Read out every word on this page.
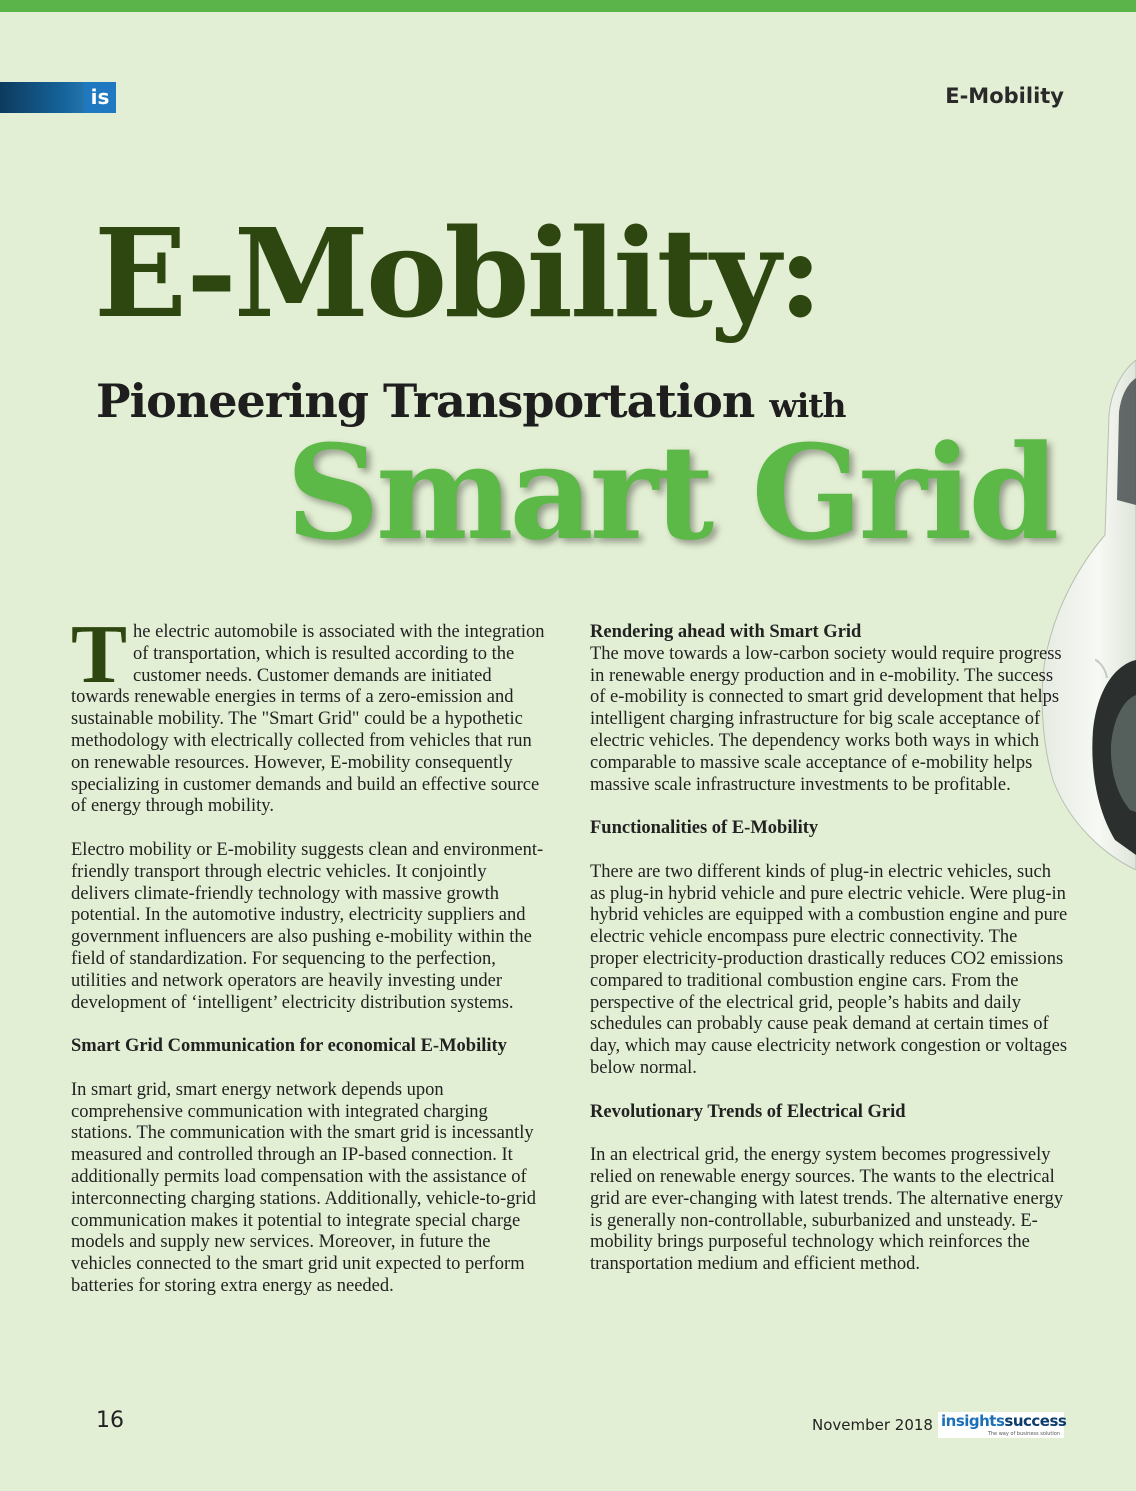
is	E-Mobility
E-Mobility:
Pioneering Transportation with
Smart Grid

The electric automobile is associated with the integration of transportation, which is resulted according to the customer needs. Customer demands are initiated towards renewable energies in terms of a zero-emission and sustainable mobility. The "Smart Grid" could be a hypothetic methodology with electrically collected from vehicles that run on renewable resources. However, E-mobility consequently specializing in customer demands and build an effective source of energy through mobility.

Electro mobility or E-mobility suggests clean and environment-friendly transport through electric vehicles. It conjointly delivers climate-friendly technology with massive growth potential. In the automotive industry, electricity suppliers and government influencers are also pushing e-mobility within the field of standardization. For sequencing to the perfection, utilities and network operators are heavily investing under development of ‘intelligent’ electricity distribution systems.

Smart Grid Communication for economical E-Mobility

In smart grid, smart energy network depends upon comprehensive communication with integrated charging stations. The communication with the smart grid is incessantly measured and controlled through an IP-based connection. It additionally permits load compensation with the assistance of interconnecting charging stations. Additionally, vehicle-to-grid communication makes it potential to integrate special charge models and supply new services. Moreover, in future the vehicles connected to the smart grid unit expected to perform batteries for storing extra energy as needed.

Rendering ahead with Smart Grid

The move towards a low-carbon society would require progress in renewable energy production and in e-mobility. The success of e-mobility is connected to smart grid development that helps intelligent charging infrastructure for big scale acceptance of electric vehicles. The dependency works both ways in which comparable to massive scale acceptance of e-mobility helps massive scale infrastructure investments to be profitable.

Functionalities of E-Mobility

There are two different kinds of plug-in electric vehicles, such as plug-in hybrid vehicle and pure electric vehicle. Were plug-in hybrid vehicles are equipped with a combustion engine and pure electric vehicle encompass pure electric connectivity. The proper electricity-production drastically reduces CO2 emissions compared to traditional combustion engine cars. From the perspective of the electrical grid, people’s habits and daily schedules can probably cause peak demand at certain times of day, which may cause electricity network congestion or voltages below normal.

Revolutionary Trends of Electrical Grid

In an electrical grid, the energy system becomes progressively relied on renewable energy sources. The wants to the electrical grid are ever-changing with latest trends. The alternative energy is generally non-controllable, suburbanized and unsteady. E-mobility brings purposeful technology which reinforces the transportation medium and efficient method.

16	November 2018 insightssuccess
The way of business solution
